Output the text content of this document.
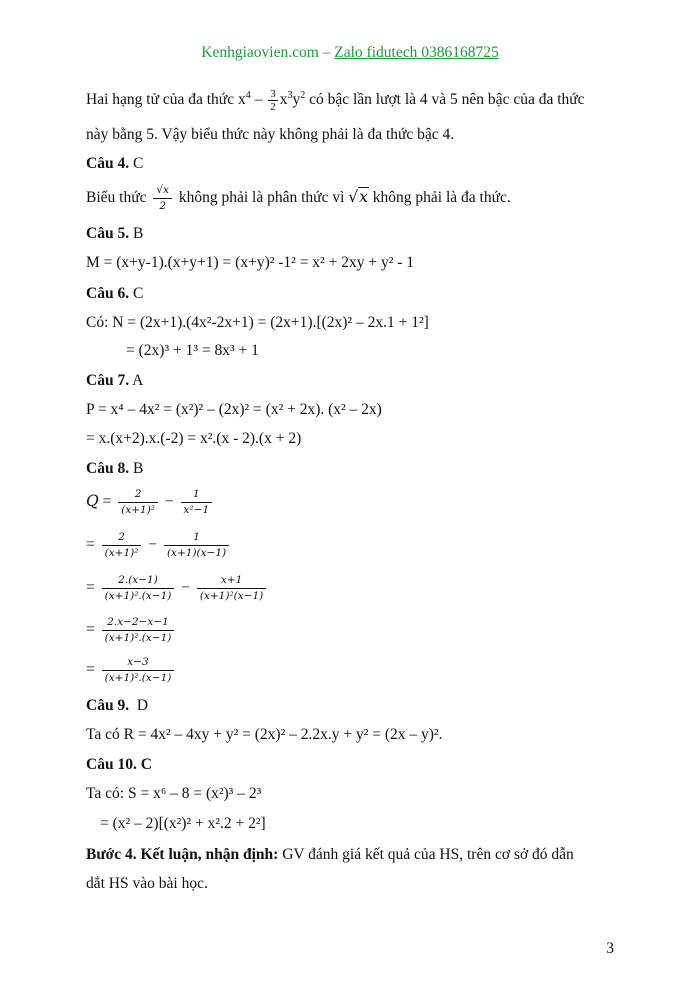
Kenhgiaovien.com – Zalo fidutech 0386168725
Hai hạng tử của đa thức $x^4 - \frac{3}{2} x^3y^2$ có bậc lần lượt là 4 và 5 nên bậc của đa thức
này bằng 5. Vậy biểu thức này không phải là đa thức bậc 4.
Câu 4. C
Biểu thức $\frac{√x}{2}$ không phải là phân thức vì √x không phải là đa thức.
Câu 5. B
M = (x+y-1).(x+y+1) = (x+y)² -1² = x² + 2xy + y² - 1
Câu 6. C
Có: N = (2x+1).(4x²-2x+1) = (2x+1).[(2x)² – 2x.1 + 1²]
= (2x)³ + 1³ = 8x³ + 1
Câu 7. A
P = x⁴ – 4x² = (x²)² – (2x)² = (x² + 2x). (x² – 2x)
= x.(x+2).x.(-2) = x².(x - 2).(x + 2)
Câu 8. B
$Q = \frac{2}{\text{(x+1)²}} - \frac{1}{\text{x²−1}}$
= $\frac{2}{\text{(x+1)²}} - \frac{1}{(x+1)(x-1)}$
= $\frac{2.(x-1)}{\text{(x+1)².(x−1)}} - \frac{x+1}{\text{(x+1)²(x−1)}}$
= $\frac{2.x-2-x-1}{\text{(x+1)².(x−1)}}$
= $\frac{x-3}{\text{(x+1)².(x−1)}}$
Câu 9.  D
Ta có R = 4x² – 4xy + y² = (2x)² – 2.2x.y + y² = (2x – y)².
Câu 10. C
Ta có: S = x⁶ – 8 = (x²)³ – 2³
= (x² – 2)[(x²)² + x².2 + 2²]
Bước 4. Kết luận, nhận định: GV đánh giá kết quả của HS, trên cơ sở đó dẫn
dắt HS vào bài học.
3
